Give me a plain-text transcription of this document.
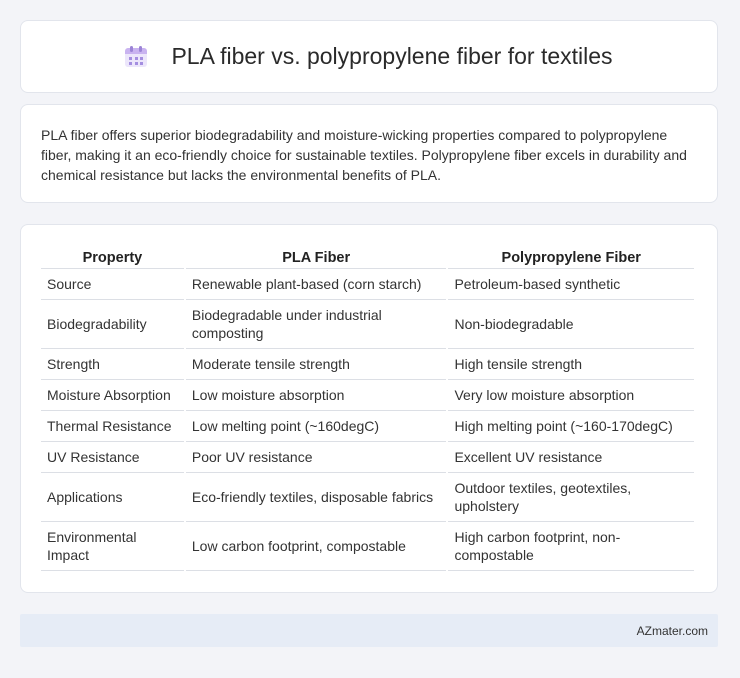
PLA fiber vs. polypropylene fiber for textiles

PLA fiber offers superior biodegradability and moisture-wicking properties compared to polypropylene fiber, making it an eco-friendly choice for sustainable textiles. Polypropylene fiber excels in durability and chemical resistance but lacks the environmental benefits of PLA.

Property	PLA Fiber	Polypropylene Fiber
Source	Renewable plant-based (corn starch)	Petroleum-based synthetic
Biodegradability	Biodegradable under industrial composting	Non-biodegradable
Strength	Moderate tensile strength	High tensile strength
Moisture Absorption	Low moisture absorption	Very low moisture absorption
Thermal Resistance	Low melting point (~160degC)	High melting point (~160-170degC)
UV Resistance	Poor UV resistance	Excellent UV resistance
Applications	Eco-friendly textiles, disposable fabrics	Outdoor textiles, geotextiles, upholstery
Environmental Impact	Low carbon footprint, compostable	High carbon footprint, non-compostable
AZmater.com
